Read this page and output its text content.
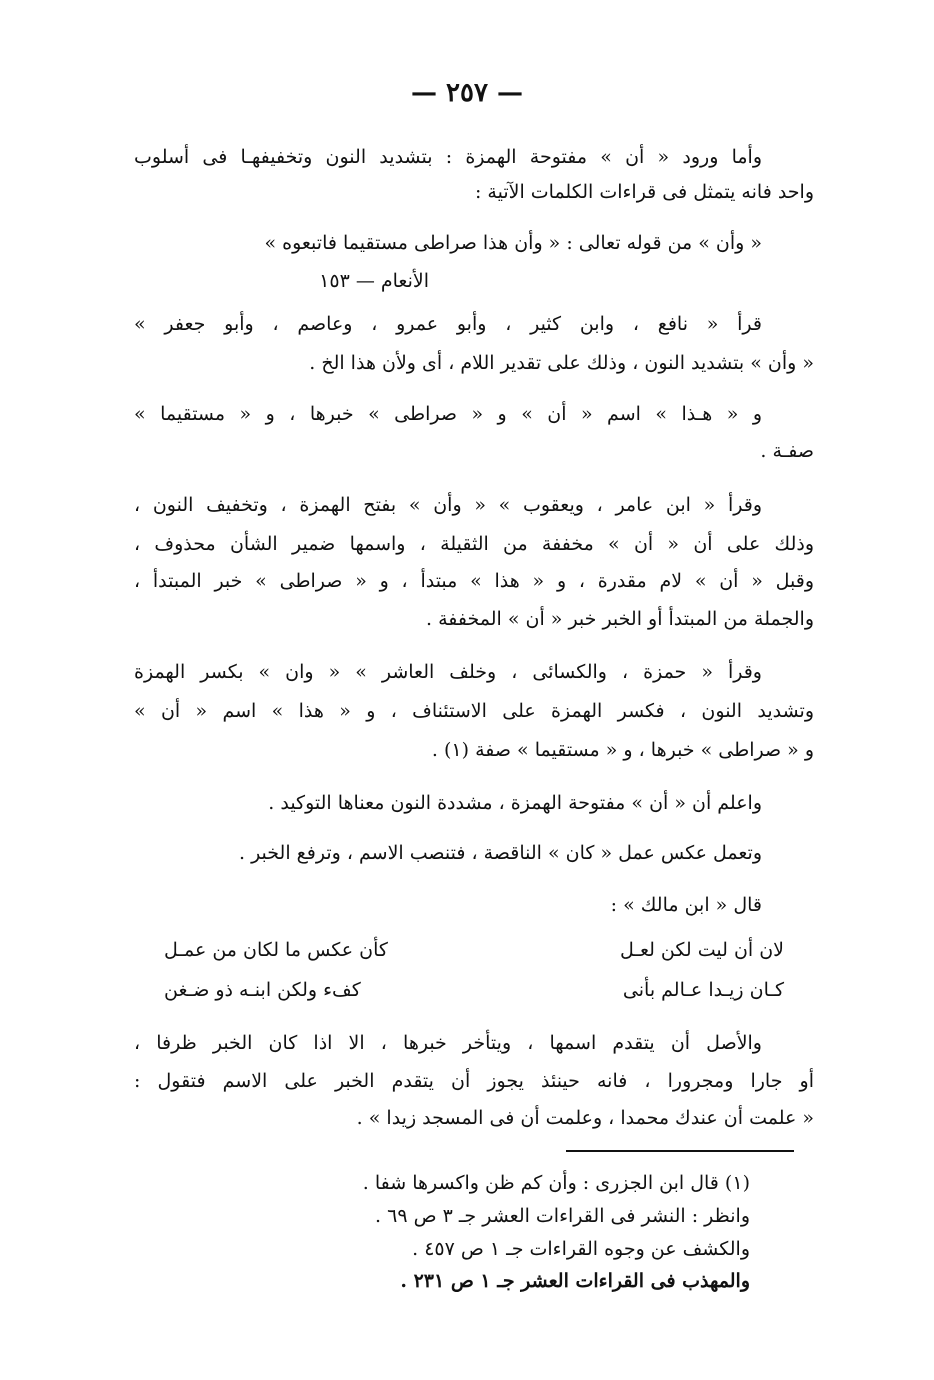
— ٢٥٧ —
وأما ورود « أن » مفتوحة الهمزة : بتشديد النون وتخفيفهـا فى أسلوب
واحد فانه يتمثل فى قراءات الكلمات الآتية :
« وأن » من قوله تعالى : « وأن هذا صراطى مستقيما فاتبعوه »
الأنعام — ١٥٣
قرأ « نافع ، وابن كثير ، وأبو عمرو ، وعاصم ، وأبو جعفر »
« وأن » بتشديد النون ، وذلك على تقدير اللام ، أى ولأن هذا الخ .
و « هـذا » اسم « أن » و « صراطى » خبرها ، و « مستقيما »
صفـة .
وقرأ « ابن عامر ، ويعقوب » « وأن » بفتح الهمزة ، وتخفيف النون ،
وذلك على أن « أن » مخففة من الثقيلة ، واسمها ضمير الشأن محذوف ،
وقبل « أن » لام مقدرة ، و « هذا » مبتدأ ، و « صراطى » خبر المبتدأ ،
والجملة من المبتدأ أو الخبر خبر « أن » المخففة .
وقرأ « حمزة ، والكسائى ، وخلف العاشر » « وان » بكسر الهمزة
وتشديد النون ، فكسر الهمزة على الاستئناف ، و « هذا » اسم « أن »
و « صراطى » خبرها ، و « مستقيما » صفة (١) .
واعلم أن « أن » مفتوحة الهمزة ، مشددة النون معناها التوكيد .
وتعمل عكس عمل « كان » الناقصة ، فتنصب الاسم ، وترفع الخبر .
قال « ابن مالك » :
لان أن ليت لكن لعـل
كأن عكس ما لكان من عمـل
كـان زيـدا عـالم بأنى
كفء ولكن ابنـه ذو ضـغن
والأصل أن يتقدم اسمها ، ويتأخر خبرها ، الا اذا كان الخبر ظرفا ،
أو جارا ومجرورا ، فانه حينئذ يجوز أن يتقدم الخبر على الاسم فتقول :
« علمت أن عندك محمدا ، وعلمت أن فى المسجد زيدا » .
(١) قال ابن الجزرى : وأن كم ظن واكسرها شفا .
وانظر : النشر فى القراءات العشر جـ ٣ ص ٦٩ .
والكشف عن وجوه القراءات جـ ١ ص ٤٥٧ .
والمهذب فى القراءات العشر جـ ١ ص ٢٣١ .
